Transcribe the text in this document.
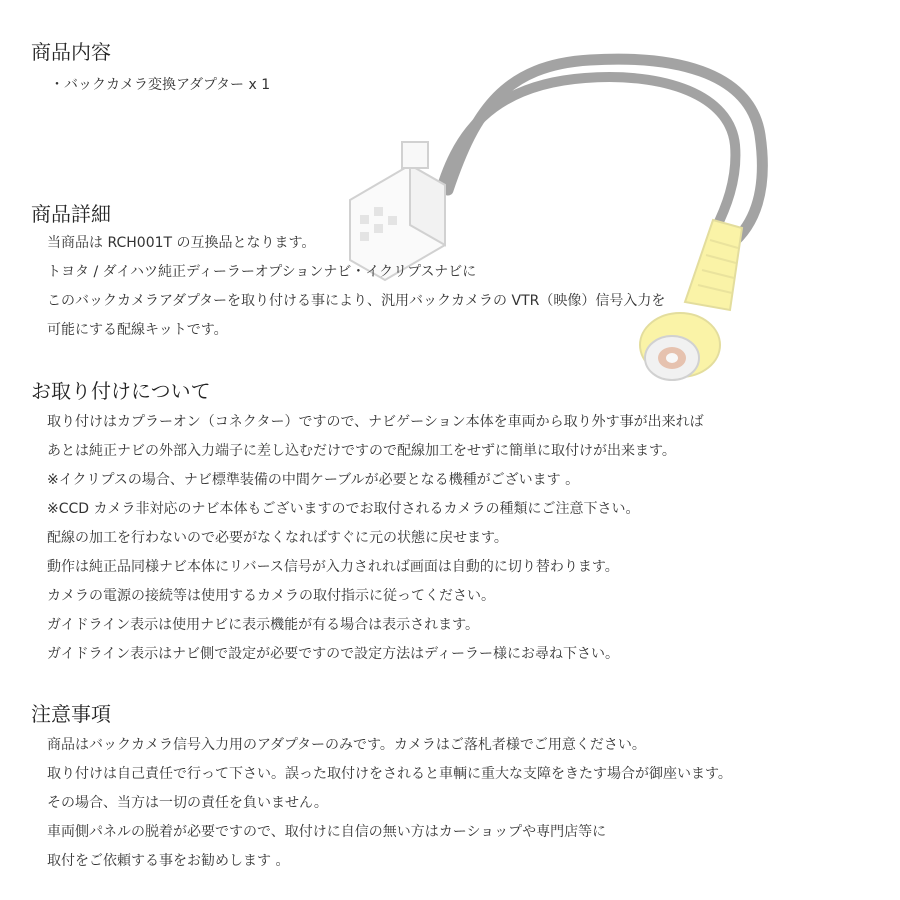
商品内容
・バックカメラ変換アダプター x 1
商品詳細
当商品は RCH001T の互換品となります。
トヨタ / ダイハツ純正ディーラーオプションナビ・イクリプスナビに
このバックカメラアダプターを取り付ける事により、汎用バックカメラの VTR（映像）信号入力を
可能にする配線キットです。
お取り付けについて
取り付けはカプラーオン（コネクター）ですので、ナビゲーション本体を車両から取り外す事が出来れば
あとは純正ナビの外部入力端子に差し込むだけですので配線加工をせずに簡単に取付けが出来ます。
※イクリプスの場合、ナビ標準装備の中間ケーブルが必要となる機種がございます 。
※CCD カメラ非対応のナビ本体もございますのでお取付されるカメラの種類にご注意下さい。
配線の加工を行わないので必要がなくなればすぐに元の状態に戻せます。
動作は純正品同様ナビ本体にリバース信号が入力されれば画面は自動的に切り替わります。
カメラの電源の接続等は使用するカメラの取付指示に従ってください。
ガイドライン表示は使用ナビに表示機能が有る場合は表示されます。
ガイドライン表示はナビ側で設定が必要ですので設定方法はディーラー様にお尋ね下さい。
注意事項
商品はバックカメラ信号入力用のアダプターのみです。カメラはご落札者様でご用意ください。
取り付けは自己責任で行って下さい。誤った取付けをされると車輌に重大な支障をきたす場合が御座います。
その場合、当方は一切の責任を負いません。
車両側パネルの脱着が必要ですので、取付けに自信の無い方はカーショップや専門店等に
取付をご依頼する事をお勧めします 。
